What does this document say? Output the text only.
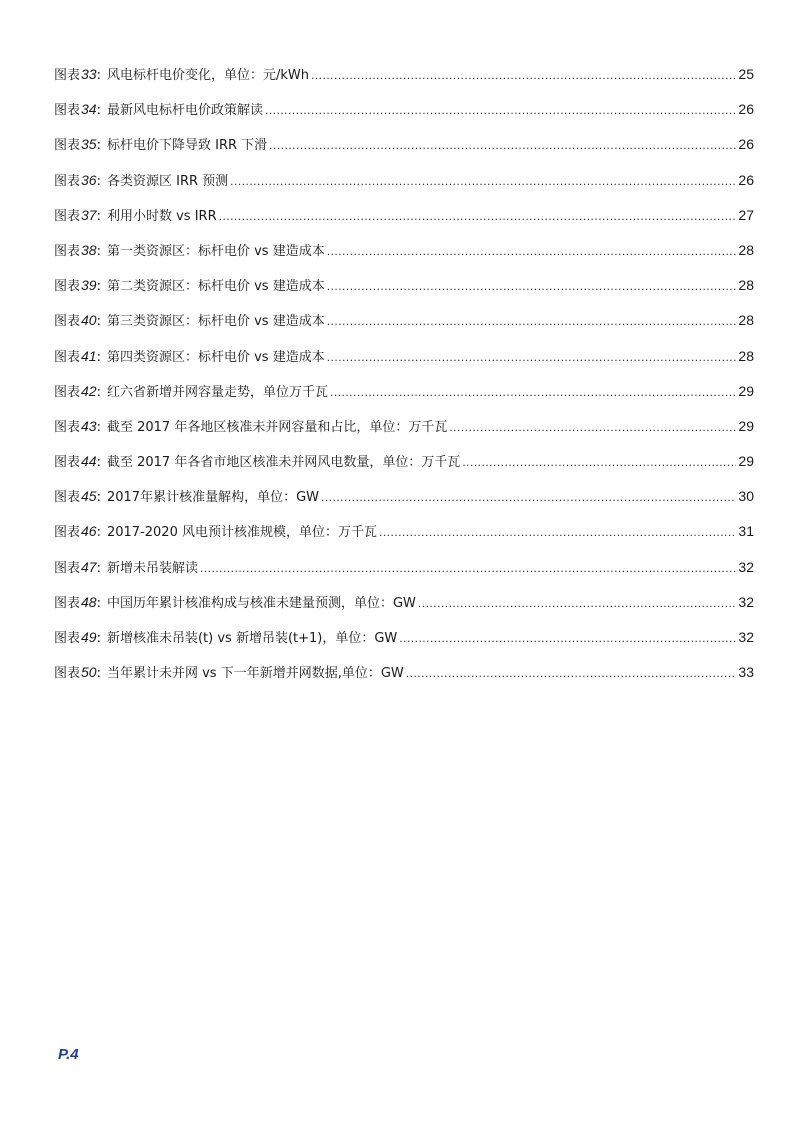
图表 33 : 风电标杆电价变化，单位：元/kWh .....	25
图表 34 : 最新风电标杆电价政策解读 .....	26
图表 35 : 标杆电价下降导致 IRR 下滑 .....	26
图表 36 : 各类资源区 IRR 预测 .....	26
图表 37 : 利用小时数 vs IRR .....	27
图表 38 : 第一类资源区：标杆电价 vs 建造成本 .....	28
图表 39 : 第二类资源区：标杆电价 vs 建造成本 .....	28
图表 40 : 第三类资源区：标杆电价 vs 建造成本 .....	28
图表 41 : 第四类资源区：标杆电价 vs 建造成本 .....	28
图表 42 : 红六省新增并网容量走势，单位万千瓦 .....	29
图表 43 : 截至 2017 年各地区核准未并网容量和占比，单位：万千瓦 .....	29
图表 44 : 截至 2017 年各省市地区核准未并网风电数量，单位：万千瓦 .....	29
图表 45 : 2017年累计核准量解构，单位：GW .....	30
图表 46 : 2017-2020 风电预计核准规模，单位：万千瓦 .....	31
图表 47 : 新增未吊装解读 .....	32
图表 48 : 中国历年累计核准构成与核准未建量预测，单位：GW .....	32
图表 49 : 新增核准未吊装(t) vs 新增吊装(t+1)，单位：GW .....	32
图表 50 : 当年累计未并网 vs 下一年新增并网数据,单位：GW .....	33
P.4
